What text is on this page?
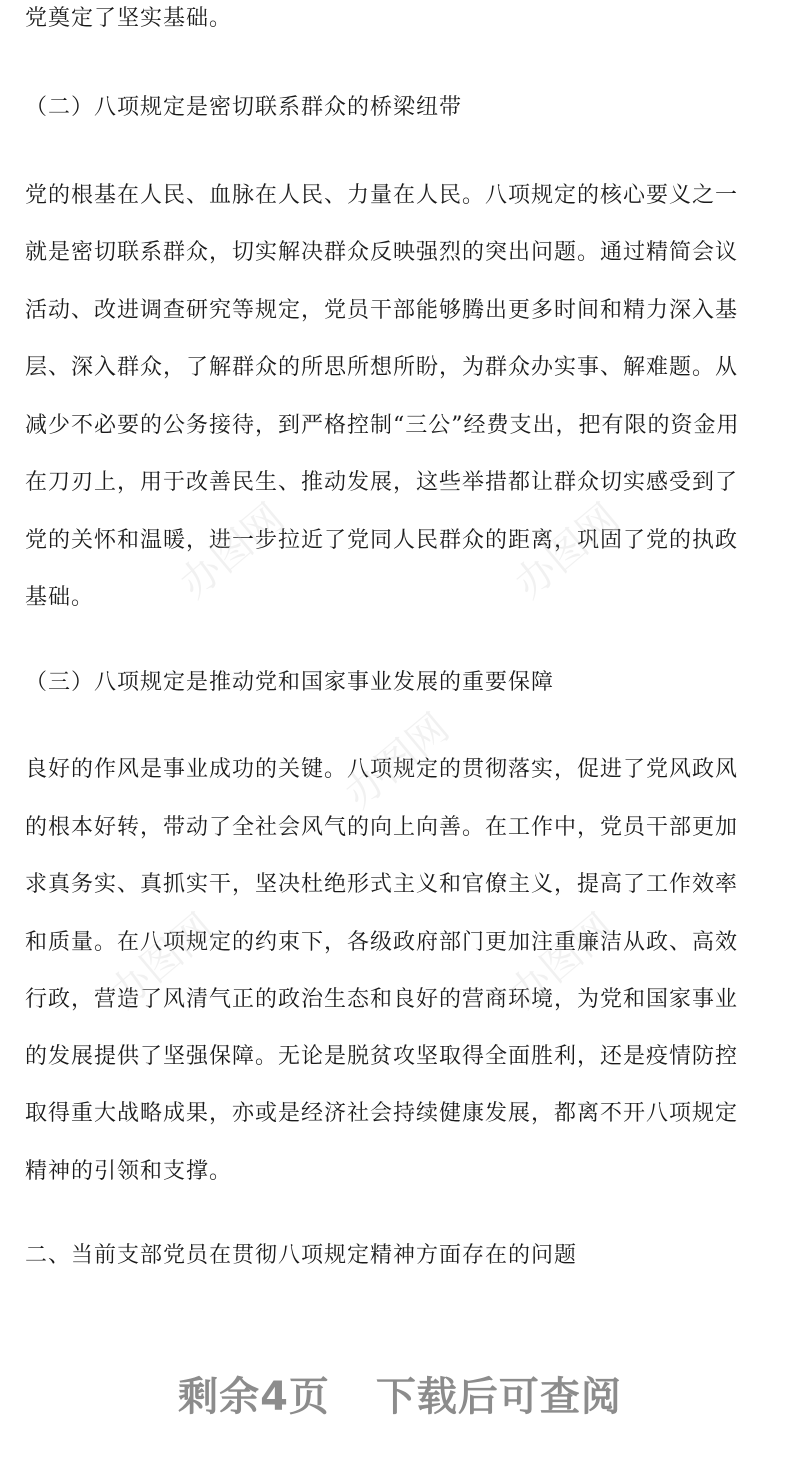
党奠定了坚实基础。
（二）八项规定是密切联系群众的桥梁纽带
党的根基在人民、血脉在人民、力量在人民。八项规定的核心要义之一
就是密切联系群众，切实解决群众反映强烈的突出问题。通过精简会议
活动、改进调查研究等规定，党员干部能够腾出更多时间和精力深入基
层、深入群众，了解群众的所思所想所盼，为群众办实事、解难题。从
减少不必要的公务接待，到严格控制“三公”经费支出，把有限的资金用
在刀刃上，用于改善民生、推动发展，这些举措都让群众切实感受到了
党的关怀和温暖，进一步拉近了党同人民群众的距离，巩固了党的执政
基础。
（三）八项规定是推动党和国家事业发展的重要保障
良好的作风是事业成功的关键。八项规定的贯彻落实，促进了党风政风
的根本好转，带动了全社会风气的向上向善。在工作中，党员干部更加
求真务实、真抓实干，坚决杜绝形式主义和官僚主义，提高了工作效率
和质量。在八项规定的约束下，各级政府部门更加注重廉洁从政、高效
行政，营造了风清气正的政治生态和良好的营商环境，为党和国家事业
的发展提供了坚强保障。无论是脱贫攻坚取得全面胜利，还是疫情防控
取得重大战略成果，亦或是经济社会持续健康发展，都离不开八项规定
精神的引领和支撑。
二、当前支部党员在贯彻八项规定精神方面存在的问题
办图网	办图网
办图网
办图网	办图网
剩余4页 下载后可查阅
